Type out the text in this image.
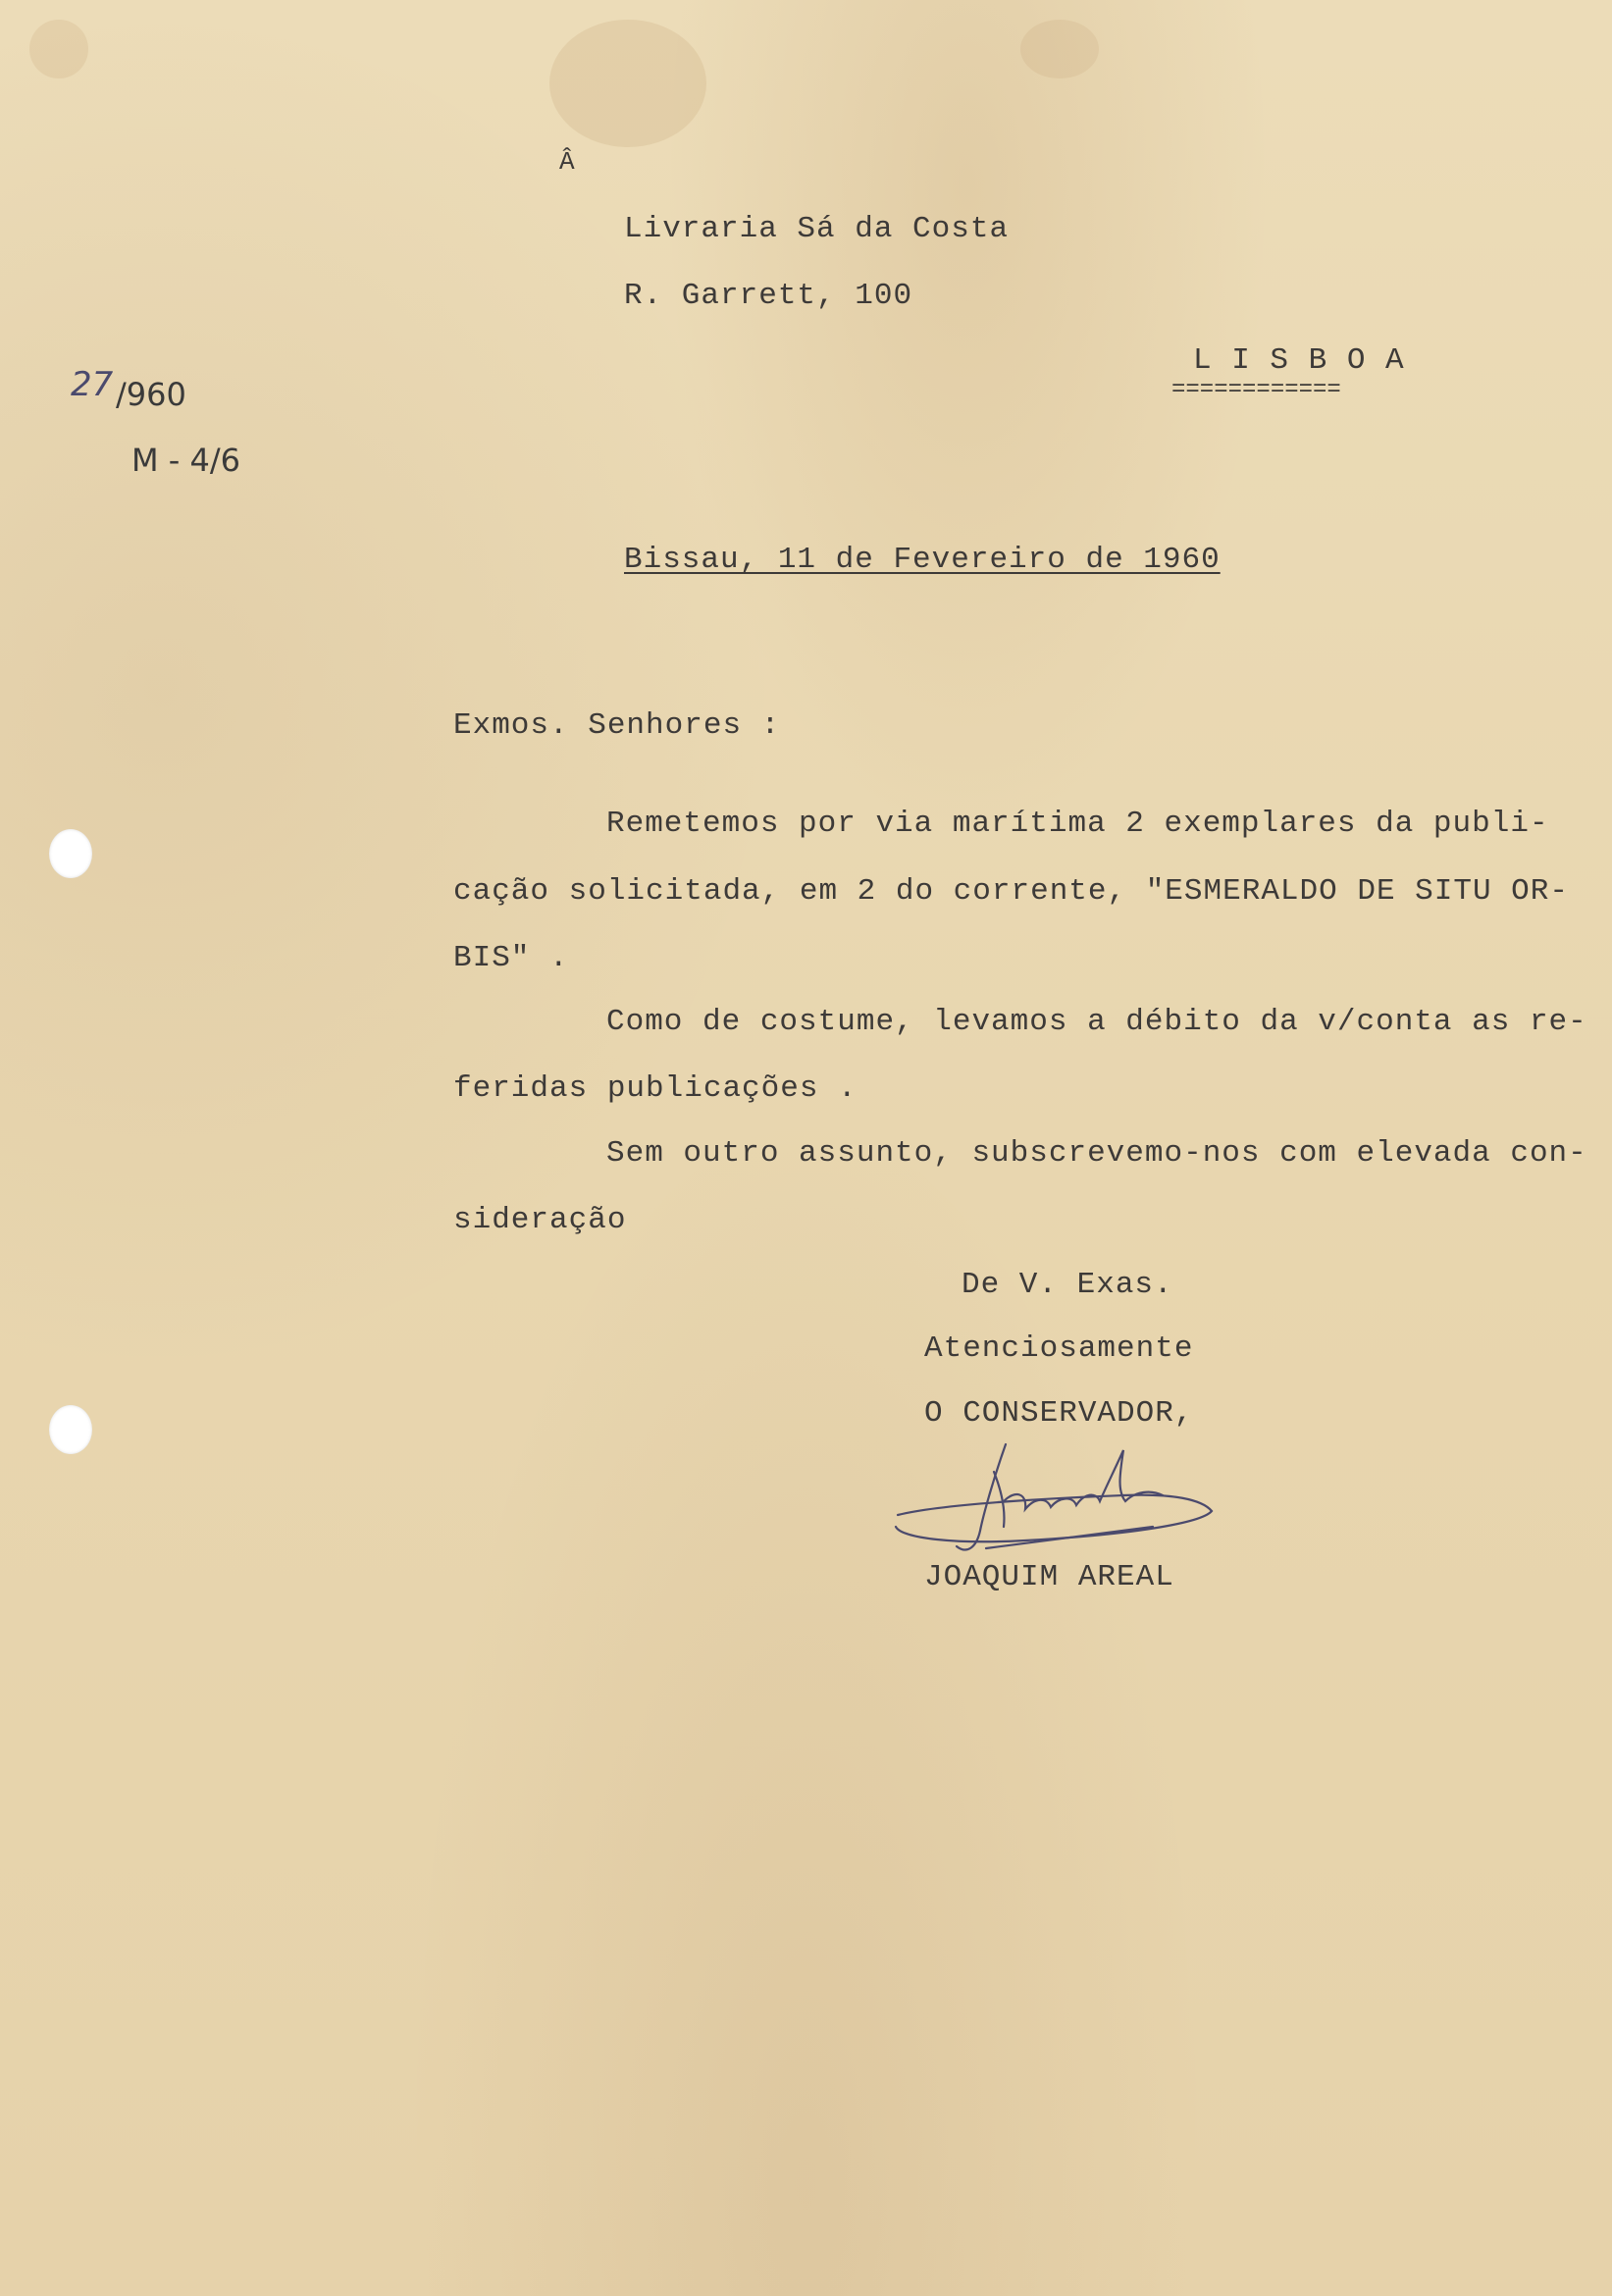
Â
Livraria Sá da Costa
R. Garrett, 100
L I S B O A
============
27 /960
M - 4/6
Bissau, 11 de Fevereiro de 1960
Exmos. Senhores :
Remetemos por via marítima 2 exemplares da publi-
cação solicitada, em 2 do corrente, "ESMERALDO DE SITU OR-
BIS" .
Como de costume, levamos a débito da v/conta as re-
feridas publicações .
Sem outro assunto, subscrevemo-nos com elevada con-
sideração
De V. Exas.
Atenciosamente
O CONSERVADOR,
Jhaal
JOAQUIM AREAL
